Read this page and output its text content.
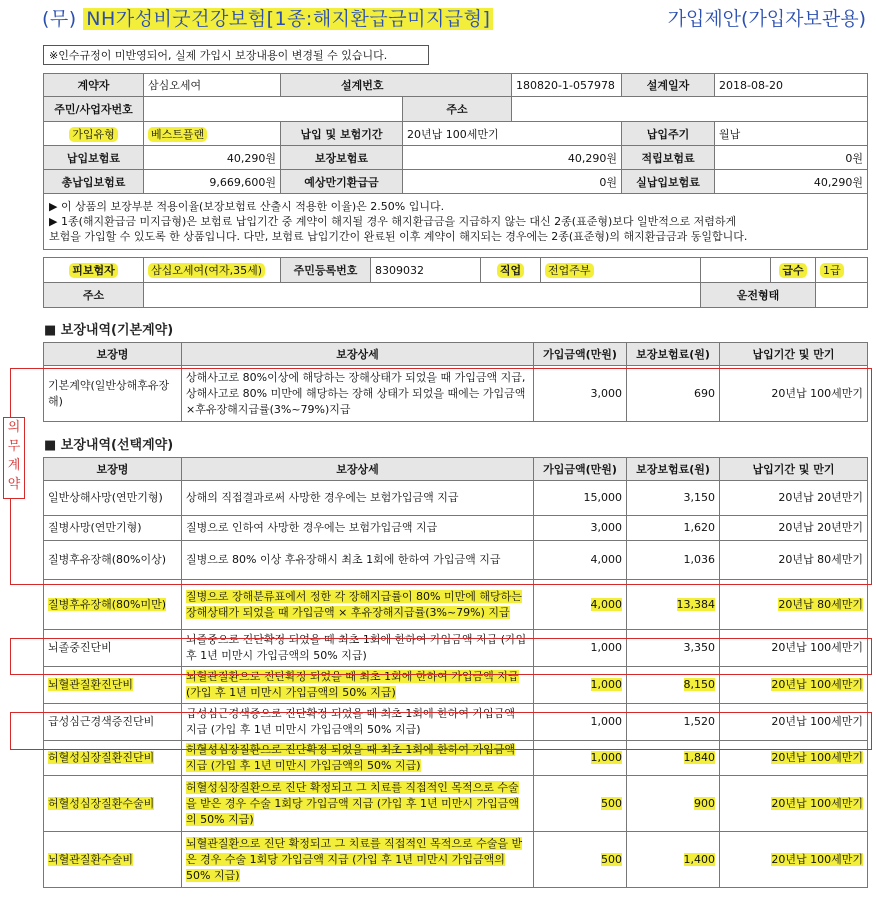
(무) NH가성비굿건강보험[1종:해지환급금미지급형]	가입제안(가입자보관용)
※인수규정이 미반영되어, 실제 가입시 보장내용이 변경될 수 있습니다.
계약자	삼심오세여	설계번호		180820-1-057978	설계일자	2018-08-20
주민/사업자번호			주소			
가입유형	베스트플랜	납입 및 보험기간	20년납 100세만기		납입주기	월납
납입보험료	40,290원	보장보험료	40,290원		적립보험료	0원
총납입보험료	9,669,600원	예상만기환급금	0원		실납입보험료	40,290원

▶ 이 상품의 보장부분 적용이율(보장보험료 산출시 적용한 이율)은 2.50% 입니다.
▶ 1종(해지환급금 미지급형)은 보험료 납입기간 중 계약이 해지될 경우 해지환급금을 지급하지 않는 대신 2종(표준형)보다 일반적으로 저렴하게
보험을 가입할 수 있도록 한 상품입니다. 다만, 보험료 납입기간이 완료된 이후 계약이 해지되는 경우에는 2종(표준형)의 해지환급금과 동일합니다.						
피보험자	삼십오세여(여자,35세)	주민등록번호	8309032	직업	전업주부		급수	1급
주소						운전형태		
■ 보장내역(기본계약)
보장명	보장상세	가입금액(만원)	보장보험료(원)	납입기간 및 만기
기본계약(일반상해후유장해)	상해사고로 80%이상에 해당하는 장해상태가 되었을 때 가입금액 지급, 상해사고로 80% 미만에 해당하는 장해 상태가 되었을 때에는 가입금액×후유장해지급률(3%~79%)지급	3,000	690	20년납 100세만기
■ 보장내역(선택계약)
보장명	보장상세	가입금액(만원)	보장보험료(원)	납입기간 및 만기
일반상해사망(연만기형)	상해의 직접결과로써 사망한 경우에는 보험가입금액 지급	15,000	3,150	20년납 20년만기
질병사망(연만기형)	질병으로 인하여 사망한 경우에는 보험가입금액 지급	3,000	1,620	20년납 20년만기
질병후유장해(80%이상)	질병으로 80% 이상 후유장해시 최초 1회에 한하여 가입금액 지급	4,000	1,036	20년납 80세만기
질병후유장해(80%미만)	질병으로 장해분류표에서 정한 각 장해지급률이 80% 미만에 해당하는 장해상태가 되었을 때 가입금액 × 후유장해지급률(3%~79%) 지급	4,000	13,384	20년납 80세만기
뇌졸중진단비	뇌졸중으로 진단확정 되었을 때 최초 1회에 한하여 가입금액 지급 (가입 후 1년 미만시 가입금액의 50% 지급)	1,000	3,350	20년납 100세만기
뇌혈관질환진단비	뇌혈관질환으로 진단확정 되었을 때 최초 1회에 한하여 가입금액 지급 (가입 후 1년 미만시 가입금액의 50% 지급)	1,000	8,150	20년납 100세만기
급성심근경색증진단비	급성심근경색증으로 진단확정 되었을 때 최초 1회에 한하여 가입금액 지급 (가입 후 1년 미만시 가입금액의 50% 지급)	1,000	1,520	20년납 100세만기
허혈성심장질환진단비	허혈성심장질환으로 진단확정 되었을 때 최초 1회에 한하여 가입금액 지급 (가입 후 1년 미만시 가입금액의 50% 지급)	1,000	1,840	20년납 100세만기
허혈성심장질환수술비	허혈성심장질환으로 진단 확정되고 그 치료를 직접적인 목적으로 수술을 받은 경우 수술 1회당 가입금액 지급 (가입 후 1년 미만시 가입금액의 50% 지급)	500	900	20년납 100세만기
뇌혈관질환수술비	뇌혈관질환으로 진단 확정되고 그 치료를 직접적인 목적으로 수술을 받은 경우 수술 1회당 가입금액 지급 (가입 후 1년 미만시 가입금액의 50% 지급)	500	1,400	20년납 100세만기
의무계약
